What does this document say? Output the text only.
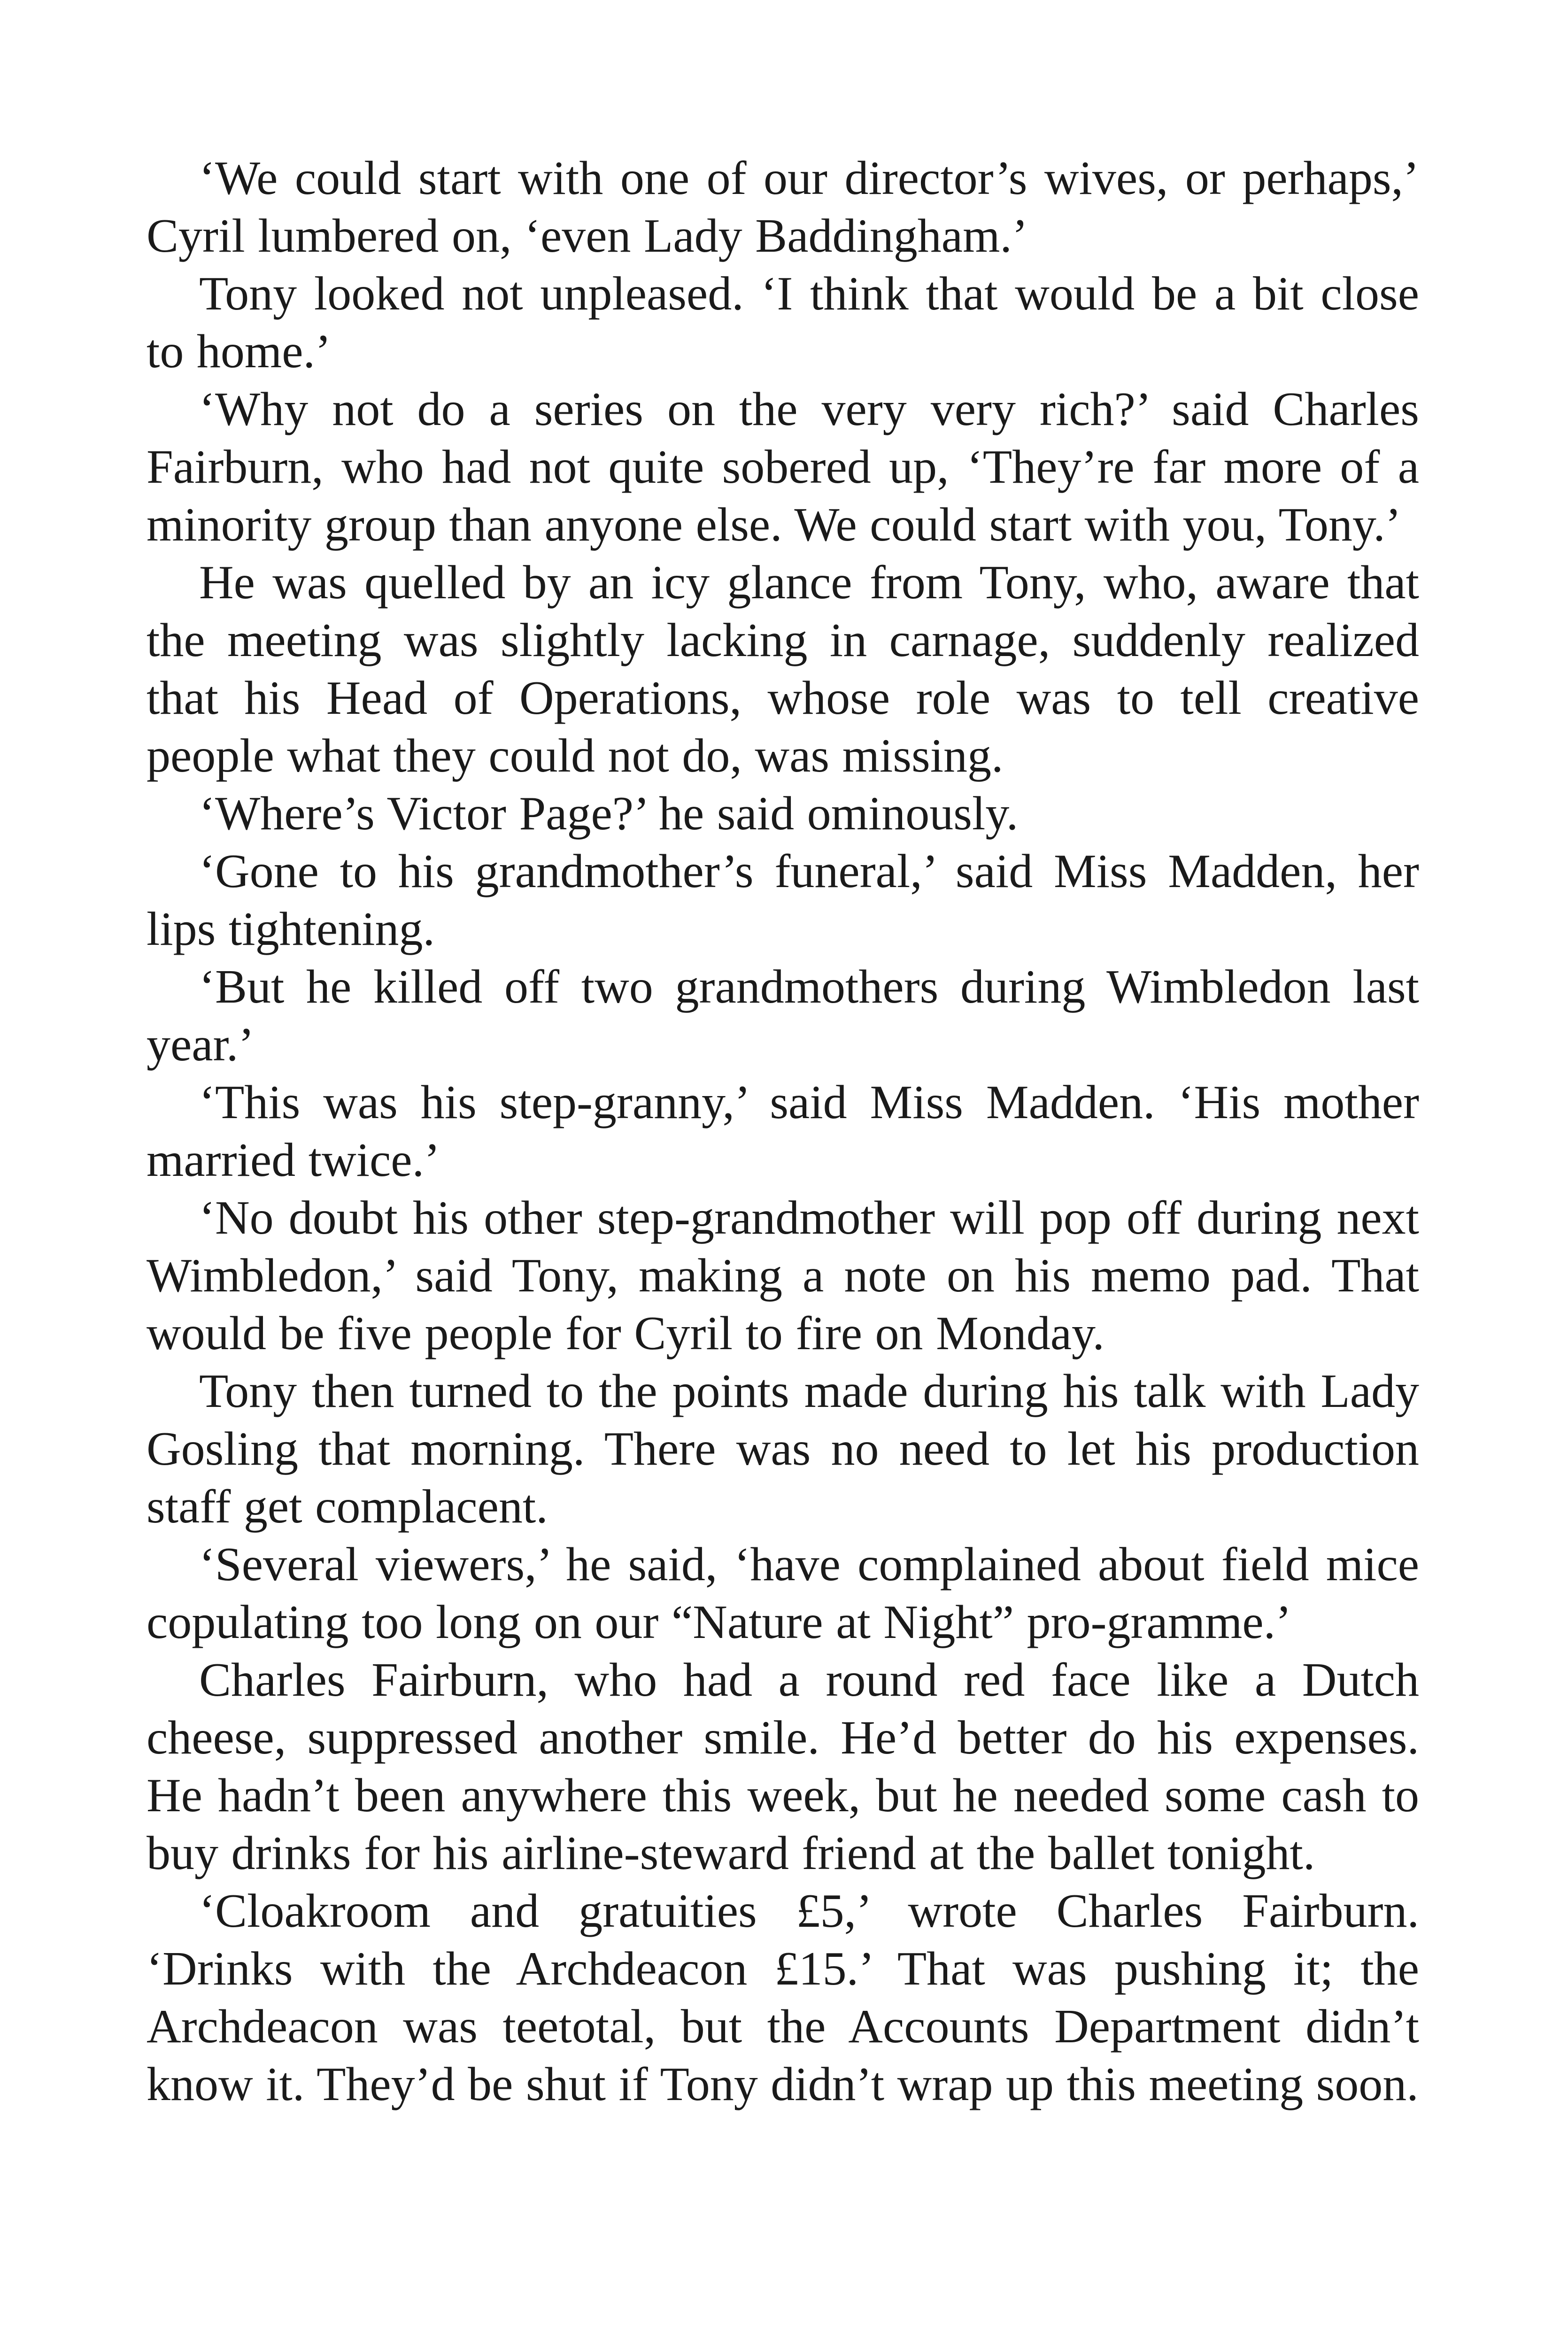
‘We could start with one of our director’s wives, or perhaps,’ Cyril lumbered on, ‘even Lady Baddingham.’

Tony looked not unpleased. ‘I think that would be a bit close to home.’

‘Why not do a series on the very very rich?’ said Charles Fairburn, who had not quite sobered up, ‘They’re far more of a minority group than anyone else. We could start with you, Tony.’

He was quelled by an icy glance from Tony, who, aware that the meeting was slightly lacking in carnage, suddenly realized that his Head of Operations, whose role was to tell creative people what they could not do, was missing.

‘Where’s Victor Page?’ he said ominously.

‘Gone to his grandmother’s funeral,’ said Miss Madden, her lips tightening.

‘But he killed off two grandmothers during Wimbledon last year.’

‘This was his step-granny,’ said Miss Madden. ‘His mother married twice.’

‘No doubt his other step-grandmother will pop off during next Wimbledon,’ said Tony, making a note on his memo pad. That would be five people for Cyril to fire on Monday.

Tony then turned to the points made during his talk with Lady Gosling that morning. There was no need to let his production staff get complacent.

‘Several viewers,’ he said, ‘have complained about field mice copulating too long on our “Nature at Night” pro-gramme.’

Charles Fairburn, who had a round red face like a Dutch cheese, suppressed another smile. He’d better do his expenses. He hadn’t been anywhere this week, but he needed some cash to buy drinks for his airline-steward friend at the ballet tonight.

‘Cloakroom and gratuities £5,’ wrote Charles Fairburn. ‘Drinks with the Archdeacon £15.’ That was pushing it; the Archdeacon was teetotal, but the Accounts Department didn’t know it. They’d be shut if Tony didn’t wrap up this meeting soon.
